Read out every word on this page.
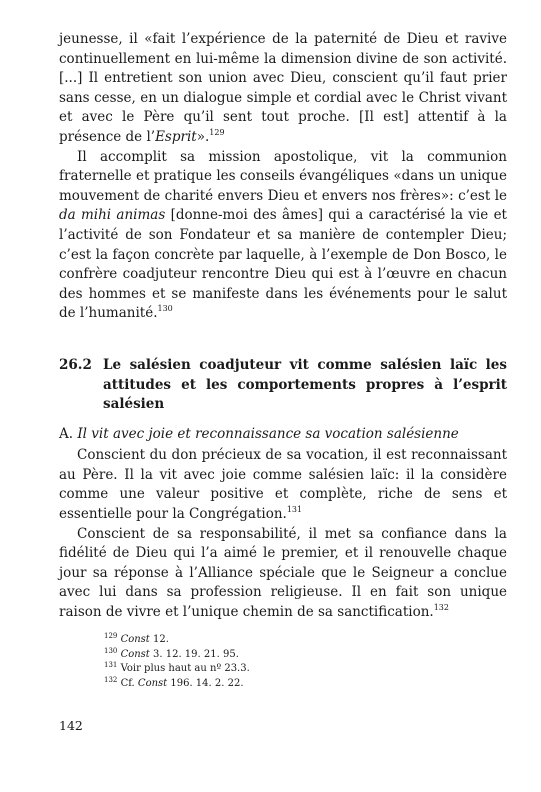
jeunesse, il «fait l’expérience de la paternité de Dieu et ravive continuellement en lui-même la dimension divine de son activité. [...] Il entretient son union avec Dieu, conscient qu’il faut prier sans cesse, en un dialogue simple et cordial avec le Christ vivant et avec le Père qu’il sent tout proche. [Il est] attentif à la présence de l’Esprit».$^{129}$

Il accomplit sa mission apostolique, vit la communion fraternelle et pratique les conseils évangéliques «dans un unique mouvement de charité envers Dieu et envers nos frères»: c’est le da mihi animas [donne-moi des âmes] qui a caractérisé la vie et l’activité de son Fondateur et sa manière de contempler Dieu; c’est la façon concrète par laquelle, à l’exemple de Don Bosco, le confrère coadjuteur rencontre Dieu qui est à l’œuvre en chacun des hommes et se manifeste dans les événements pour le salut de l’humanité.$^{130}$

26.2 Le salésien coadjuteur vit comme salésien laïc les attitudes et les comportements propres à l’esprit salésien
A. Il vit avec joie et reconnaissance sa vocation salésienne

Conscient du don précieux de sa vocation, il est reconnaissant au Père. Il la vit avec joie comme salésien laïc: il la considère comme une valeur positive et complète, riche de sens et essentielle pour la Congrégation.$^{131}$

Conscient de sa responsabilité, il met sa confiance dans la fidélité de Dieu qui l’a aimé le premier, et il renouvelle chaque jour sa réponse à l’Alliance spéciale que le Seigneur a conclue avec lui dans sa profession religieuse. Il en fait son unique raison de vivre et l’unique chemin de sa sanctification.$^{132}$

$^{129}$ Const 12.
$^{130}$ Const 3. 12. 19. 21. 95.
$^{131}$ Voir plus haut au nº 23.3.
$^{132}$ Cf. Const 196. 14. 2. 22.
142
